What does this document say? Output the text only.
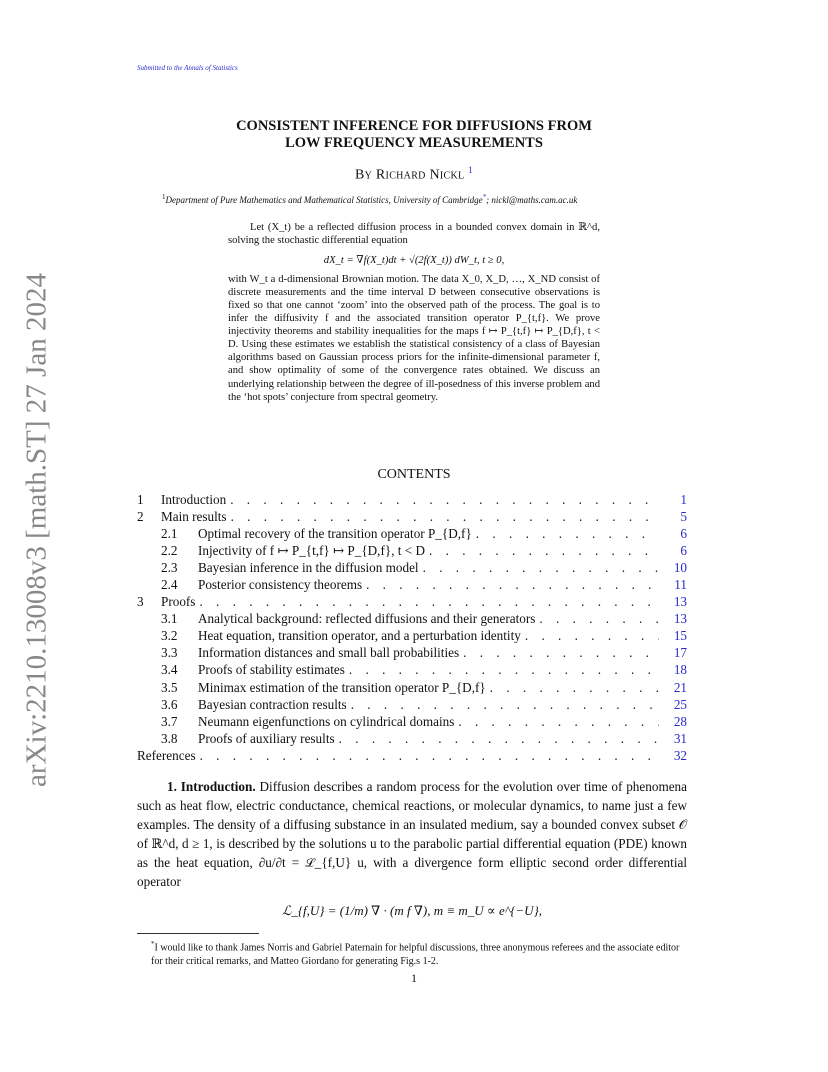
Submitted to the Annals of Statistics
CONSISTENT INFERENCE FOR DIFFUSIONS FROM
LOW FREQUENCY MEASUREMENTS
By Richard Nickl $^1$
$^1$Department of Pure Mathematics and Mathematical Statistics, University of Cambridge*; nickl@maths.cam.ac.uk

Let (X_t) be a reflected diffusion process in a bounded convex domain in ℝ^d, solving the stochastic differential equation

dX_t = ∇f(X_t)dt + √(2f(X_t)) dW_t, t ≥ 0,

with W_t a d-dimensional Brownian motion. The data X_0, X_D, …, X_ND consist of discrete measurements and the time interval D between consecutive observations is fixed so that one cannot ‘zoom’ into the observed path of the process. The goal is to infer the diffusivity f and the associated transition operator P_{t,f}. We prove injectivity theorems and stability inequalities for the maps f ↦ P_{t,f} ↦ P_{D,f}, t < D. Using these estimates we establish the statistical consistency of a class of Bayesian algorithms based on Gaussian process priors for the infinite-dimensional parameter f, and show optimality of some of the convergence rates obtained. We discuss an underlying relationship between the degree of ill-posedness of this inverse problem and the ‘hot spots’ conjecture from spectral geometry.

CONTENTS
1	Introduction . . .	1
2	Main results . . .	5
2.1	Optimal recovery of the transition operator P_{D,f} . . .	6
2.2	Injectivity of f ↦ P_{t,f} ↦ P_{D,f}, t < D . . .	6
2.3	Bayesian inference in the diffusion model . . .	10
2.4	Posterior consistency theorems . . .	11
3	Proofs . . .	13
3.1	Analytical background: reflected diffusions and their generators . . .	13
3.2	Heat equation, transition operator, and a perturbation identity . . .	15
3.3	Information distances and small ball probabilities . . .	17
3.4	Proofs of stability estimates . . .	18
3.5	Minimax estimation of the transition operator P_{D,f} . . .	21
3.6	Bayesian contraction results . . .	25
3.7	Neumann eigenfunctions on cylindrical domains . . .	28
3.8	Proofs of auxiliary results . . .	31
References . . .	32

1. Introduction. Diffusion describes a random process for the evolution over time of phenomena such as heat flow, electric conductance, chemical reactions, or molecular dynamics, to name just a few examples. The density of a diffusing substance in an insulated medium, say a bounded convex subset 𝒪 of ℝ^d, d ≥ 1, is described by the solutions u to the parabolic partial differential equation (PDE) known as the heat equation, ∂u/∂t = ℒ_{f,U} u, with a divergence form elliptic second order differential operator

ℒ_{f,U} = (1/m) ∇ · (m f ∇), m ≡ m_U ∝ e^{−U},
*I would like to thank James Norris and Gabriel Paternain for helpful discussions, three anonymous referees and the associate editor for their critical remarks, and Matteo Giordano for generating Fig.s 1-2.
1
arXiv:2210.13008v3 [math.ST] 27 Jan 2024
